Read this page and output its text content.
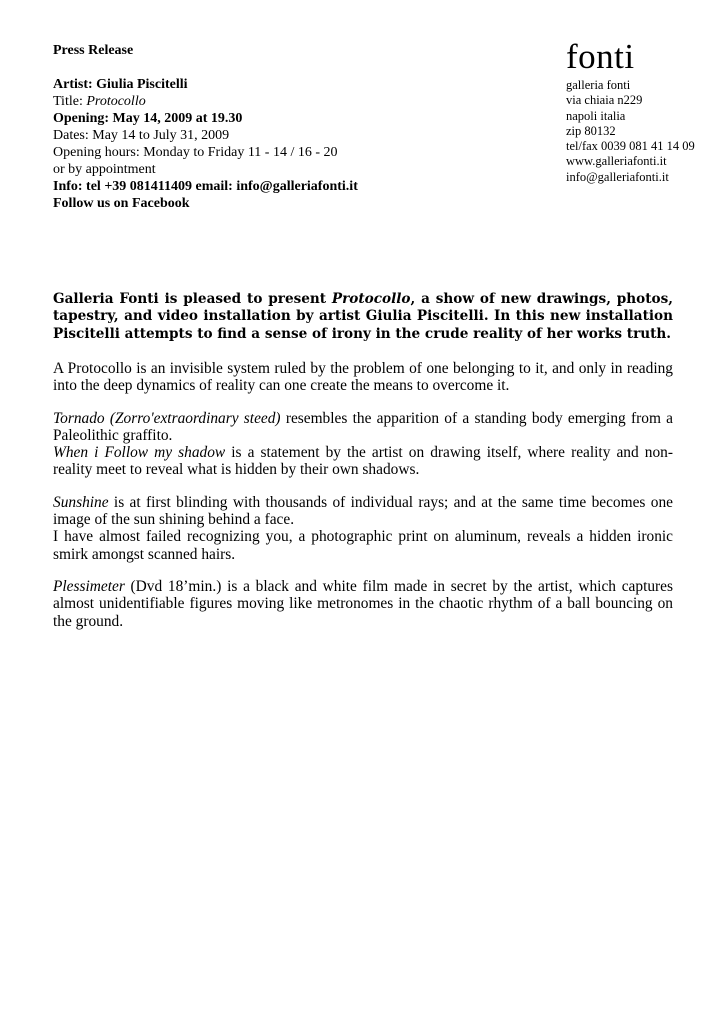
Press Release
Artist: Giulia Piscitelli
Title: Protocollo
Opening: May 14, 2009 at 19.30
Dates: May 14 to July 31, 2009
Opening hours: Monday to Friday 11 - 14 / 16 - 20
or by appointment
Info: tel +39 081411409 email: info@galleriafonti.it
Follow us on Facebook
fonti
galleria fonti
via chiaia n229
napoli italia
zip 80132
tel/fax 0039 081 41 14 09
www.galleriafonti.it
info@galleriafonti.it
Galleria Fonti is pleased to present Protocollo, a show of new drawings, photos, tapestry, and video installation by artist Giulia Piscitelli. In this new installation Piscitelli attempts to find a sense of irony in the crude reality of her works truth.

A Protocollo is an invisible system ruled by the problem of one belonging to it, and only in reading into the deep dynamics of reality can one create the means to overcome it.

Tornado (Zorro'extraordinary steed) resembles the apparition of a standing body emerging from a Paleolithic graffito.
When i Follow my shadow is a statement by the artist on drawing itself, where reality and non-reality meet to reveal what is hidden by their own shadows.

Sunshine is at first blinding with thousands of individual rays; and at the same time becomes one image of the sun shining behind a face.
I have almost failed recognizing you, a photographic print on aluminum, reveals a hidden ironic smirk amongst scanned hairs.

Plessimeter (Dvd 18’min.) is a black and white film made in secret by the artist, which captures almost unidentifiable figures moving like metronomes in the chaotic rhythm of a ball bouncing on the ground.
